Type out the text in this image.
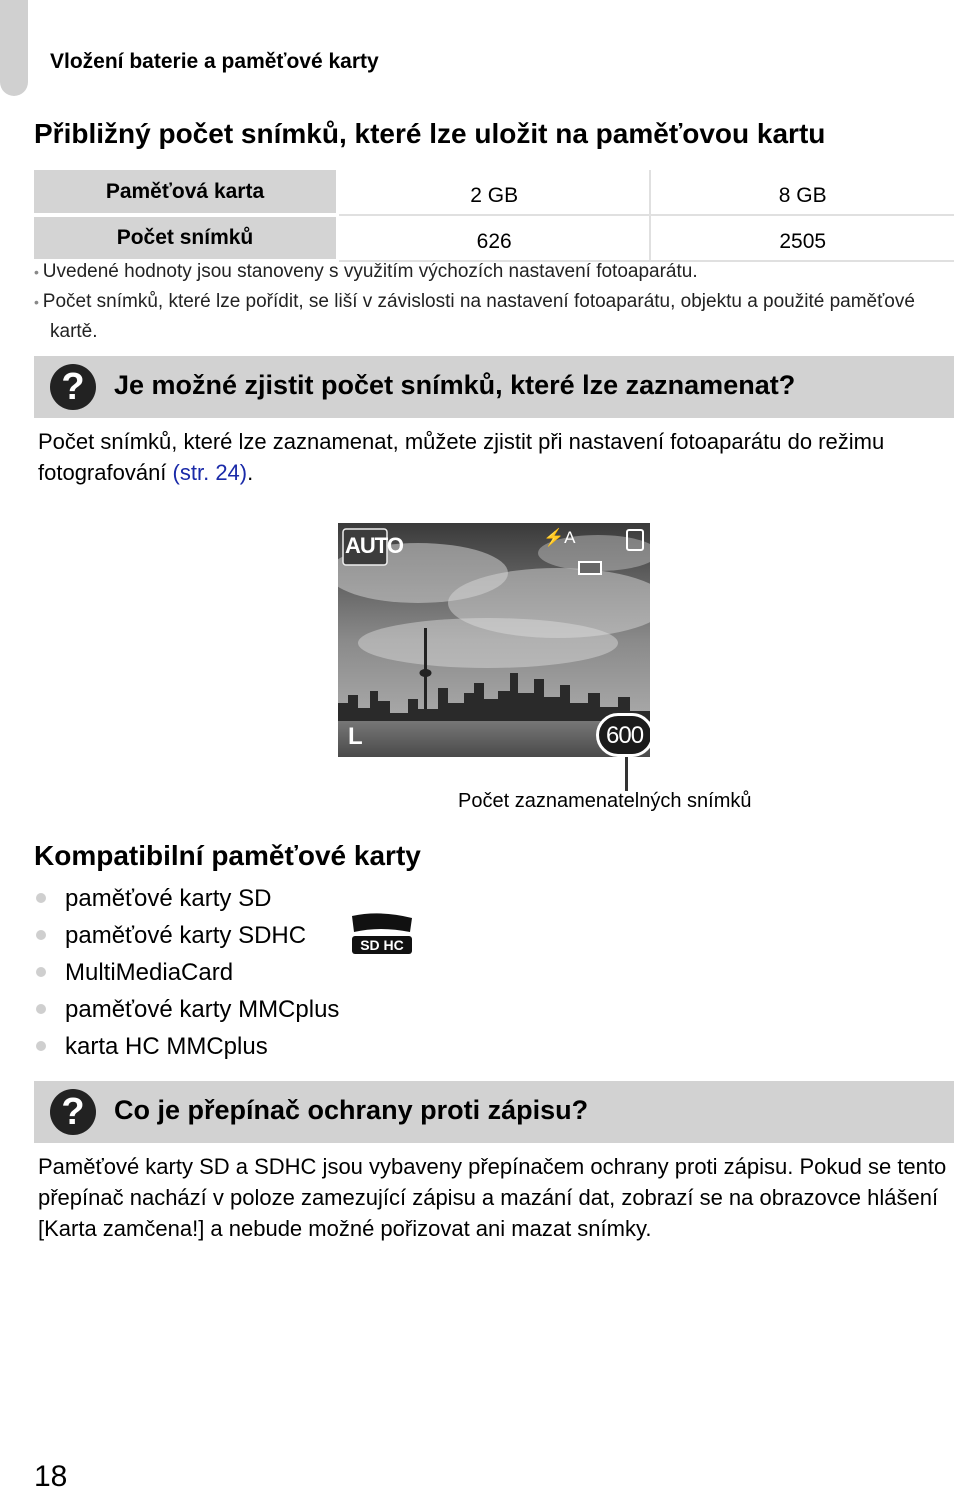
Vložení baterie a paměťové karty
Přibližný počet snímků, které lze uložit na paměťovou kartu
Paměťová karta	2 GB	8 GB
Počet snímků	626	2505
• Uvedené hodnoty jsou stanoveny s využitím výchozích nastavení fotoaparátu.
• Počet snímků, které lze pořídit, se liší v závislosti na nastavení fotoaparátu, objektu a použité paměťové kartě.
?	Je možné zjistit počet snímků, které lze zaznamenat?
Počet snímků, které lze zaznamenat, můžete zjistit při nastavení fotoaparátu do režimu fotografování (str. 24).
AUTO	⚡A
L	600
Počet zaznamenatelných snímků
Kompatibilní paměťové karty
paměťové karty SD
paměťové karty SDHC
MultiMediaCard
paměťové karty MMCplus
karta HC MMCplus
SD HC
?	Co je přepínač ochrany proti zápisu?
Paměťové karty SD a SDHC jsou vybaveny přepínačem ochrany proti zápisu. Pokud se tento přepínač nachází v poloze zamezující zápisu a mazání dat, zobrazí se na obrazovce hlášení [Karta zamčena!] a nebude možné pořizovat ani mazat snímky.
18
